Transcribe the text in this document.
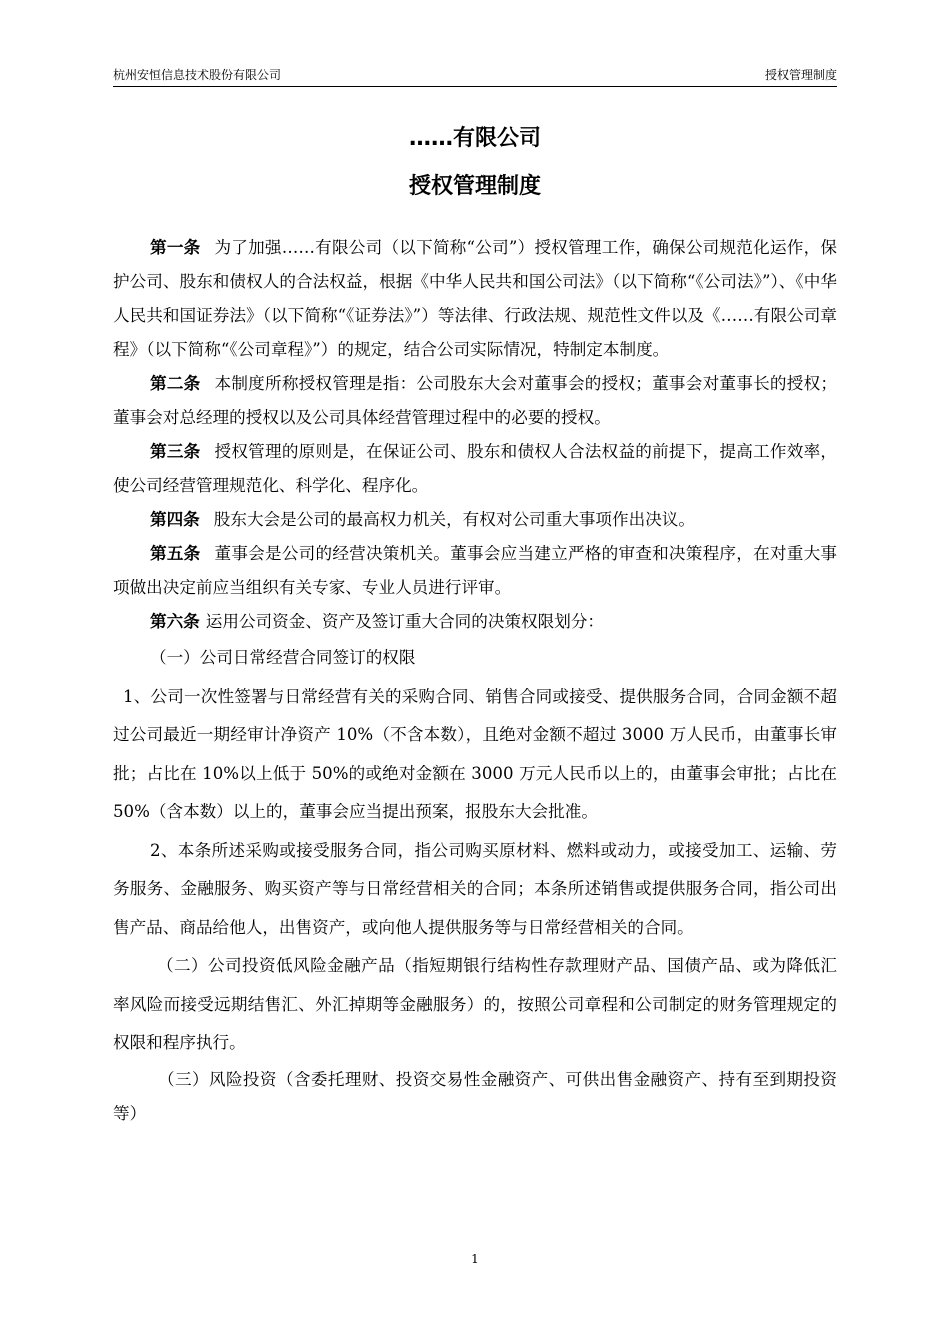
杭州安恒信息技术股份有限公司	授权管理制度
……有限公司
授权管理制度

第一条 为了加强……有限公司（以下简称“公司”）授权管理工作，确保公司规范化运作，保护公司、股东和债权人的合法权益，根据《中华人民共和国公司法》（以下简称“《公司法》”）、《中华人民共和国证券法》（以下简称“《证券法》”）等法律、行政法规、规范性文件以及《……有限公司章程》（以下简称“《公司章程》”）的规定，结合公司实际情况，特制定本制度。

第二条 本制度所称授权管理是指：公司股东大会对董事会的授权；董事会对董事长的授权；董事会对总经理的授权以及公司具体经营管理过程中的必要的授权。

第三条 授权管理的原则是，在保证公司、股东和债权人合法权益的前提下，提高工作效率，使公司经营管理规范化、科学化、程序化。

第四条 股东大会是公司的最高权力机关，有权对公司重大事项作出决议。

第五条 董事会是公司的经营决策机关。董事会应当建立严格的审查和决策程序，在对重大事项做出决定前应当组织有关专家、专业人员进行评审。

第六条 运用公司资金、资产及签订重大合同的决策权限划分：

（一）公司日常经营合同签订的权限

1、公司一次性签署与日常经营有关的采购合同、销售合同或接受、提供服务合同，合同金额不超过公司最近一期经审计净资产 10%（不含本数），且绝对金额不超过 3000 万人民币，由董事长审批；占比在 10%以上低于 50%的或绝对金额在 3000 万元人民币以上的，由董事会审批；占比在 50%（含本数）以上的，董事会应当提出预案，报股东大会批准。

2、本条所述采购或接受服务合同，指公司购买原材料、燃料或动力，或接受加工、运输、劳务服务、金融服务、购买资产等与日常经营相关的合同；本条所述销售或提供服务合同，指公司出售产品、商品给他人，出售资产，或向他人提供服务等与日常经营相关的合同。

（二）公司投资低风险金融产品（指短期银行结构性存款理财产品、国债产品、或为降低汇率风险而接受远期结售汇、外汇掉期等金融服务）的，按照公司章程和公司制定的财务管理规定的权限和程序执行。

（三）风险投资（含委托理财、投资交易性金融资产、可供出售金融资产、持有至到期投资等）

1
